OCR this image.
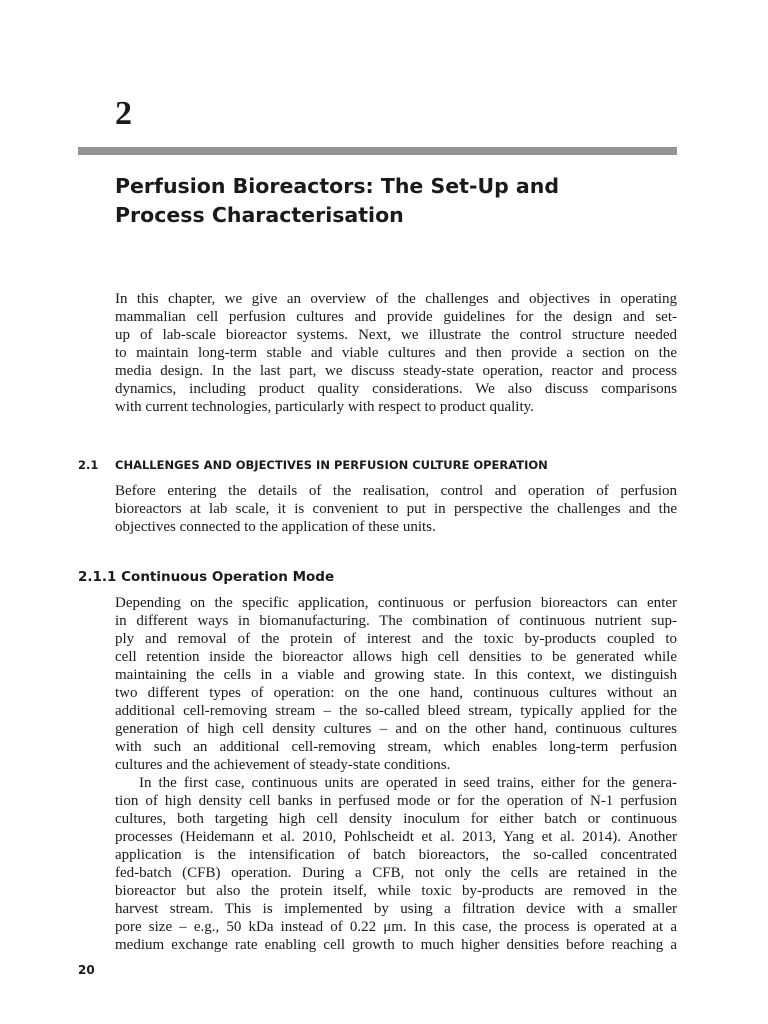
2
Perfusion Bioreactors: The Set-Up and
Process Characterisation
In this chapter, we give an overview of the challenges and objectives in operating
mammalian cell perfusion cultures and provide guidelines for the design and set-
up of lab-scale bioreactor systems. Next, we illustrate the control structure needed
to maintain long-term stable and viable cultures and then provide a section on the
media design. In the last part, we discuss steady-state operation, reactor and process
dynamics, including product quality considerations. We also discuss comparisons
with current technologies, particularly with respect to product quality.
2.1 CHALLENGES AND OBJECTIVES IN PERFUSION CULTURE OPERATION
Before entering the details of the realisation, control and operation of perfusion
bioreactors at lab scale, it is convenient to put in perspective the challenges and the
objectives connected to the application of these units.
2.1.1 Continuous Operation Mode
Depending on the specific application, continuous or perfusion bioreactors can enter
in different ways in biomanufacturing. The combination of continuous nutrient sup-
ply and removal of the protein of interest and the toxic by-products coupled to
cell retention inside the bioreactor allows high cell densities to be generated while
maintaining the cells in a viable and growing state. In this context, we distinguish
two different types of operation: on the one hand, continuous cultures without an
additional cell-removing stream – the so-called bleed stream, typically applied for the
generation of high cell density cultures – and on the other hand, continuous cultures
with such an additional cell-removing stream, which enables long-term perfusion
cultures and the achievement of steady-state conditions.
In the first case, continuous units are operated in seed trains, either for the genera-
tion of high density cell banks in perfused mode or for the operation of N-1 perfusion
cultures, both targeting high cell density inoculum for either batch or continuous
processes (Heidemann et al. 2010, Pohlscheidt et al. 2013, Yang et al. 2014). Another
application is the intensification of batch bioreactors, the so-called concentrated
fed-batch (CFB) operation. During a CFB, not only the cells are retained in the
bioreactor but also the protein itself, while toxic by-products are removed in the
harvest stream. This is implemented by using a filtration device with a smaller
pore size – e.g., 50 kDa instead of 0.22 μm. In this case, the process is operated at a
medium exchange rate enabling cell growth to much higher densities before reaching a

20
